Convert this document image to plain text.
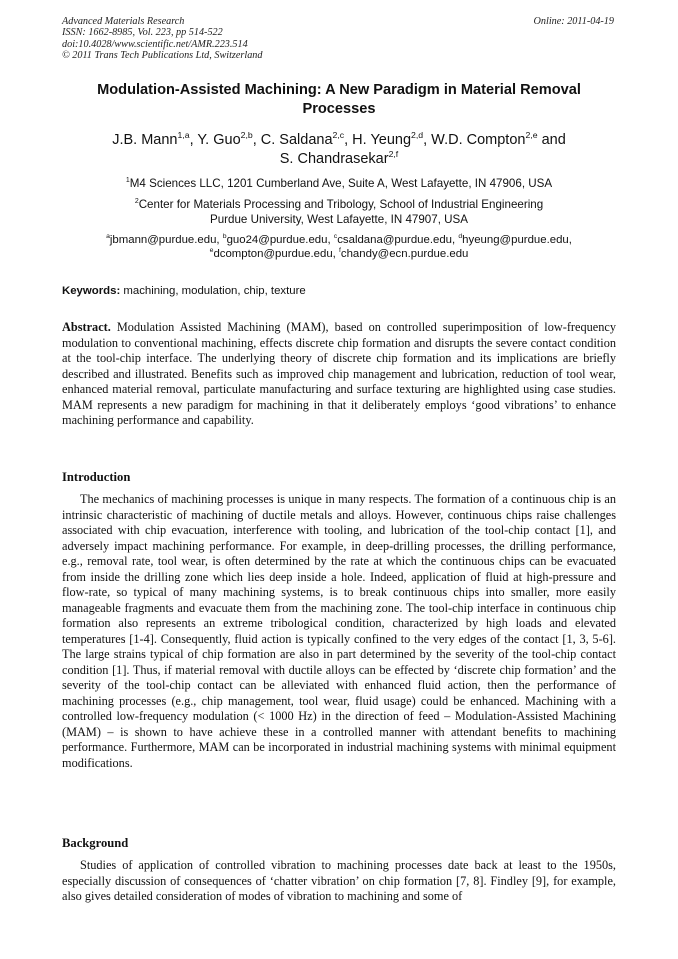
Advanced Materials Research
ISSN: 1662-8985, Vol. 223, pp 514-522
doi:10.4028/www.scientific.net/AMR.223.514
© 2011 Trans Tech Publications Ltd, Switzerland
Online: 2011-04-19
Modulation-Assisted Machining: A New Paradigm in Material Removal
Processes
J.B. Mann$^{1,a}$, Y. Guo$^{2,b}$, C. Saldana$^{2,c}$, H. Yeung$^{2,d}$, W.D. Compton$^{2,e}$ and
S. Chandrasekar$^{2,f}$
$^1$M4 Sciences LLC, 1201 Cumberland Ave, Suite A, West Lafayette, IN 47906, USA
$^2$Center for Materials Processing and Tribology, School of Industrial Engineering
Purdue University, West Lafayette, IN 47907, USA
$^a$jbmann@purdue.edu, $^b$guo24@purdue.edu, $^c$csaldana@purdue.edu, $^d$hyeung@purdue.edu,
$^e$dcompton@purdue.edu, $^f$chandy@ecn.purdue.edu
Keywords: machining, modulation, chip, texture

Abstract. Modulation Assisted Machining (MAM), based on controlled superimposition of low-frequency modulation to conventional machining, effects discrete chip formation and disrupts the severe contact condition at the tool-chip interface. The underlying theory of discrete chip formation and its implications are briefly described and illustrated. Benefits such as improved chip management and lubrication, reduction of tool wear, enhanced material removal, particulate manufacturing and surface texturing are highlighted using case studies. MAM represents a new paradigm for machining in that it deliberately employs ‘good vibrations’ to enhance machining performance and capability.

Introduction

The mechanics of machining processes is unique in many respects. The formation of a continuous chip is an intrinsic characteristic of machining of ductile metals and alloys. However, continuous chips raise challenges associated with chip evacuation, interference with tooling, and lubrication of the tool-chip contact [1], and adversely impact machining performance. For example, in deep-drilling processes, the drilling performance, e.g., removal rate, tool wear, is often determined by the rate at which the continuous chips can be evacuated from inside the drilling zone which lies deep inside a hole. Indeed, application of fluid at high-pressure and flow-rate, so typical of many machining systems, is to break continuous chips into smaller, more easily manageable fragments and evacuate them from the machining zone. The tool-chip interface in continuous chip formation also represents an extreme tribological condition, characterized by high loads and elevated temperatures [1-4]. Consequently, fluid action is typically confined to the very edges of the contact [1, 3, 5-6]. The large strains typical of chip formation are also in part determined by the severity of the tool-chip contact condition [1]. Thus, if material removal with ductile alloys can be effected by ‘discrete chip formation’ and the severity of the tool-chip contact can be alleviated with enhanced fluid action, then the performance of machining processes (e.g., chip management, tool wear, fluid usage) could be enhanced. Machining with a controlled low-frequency modulation (< 1000 Hz) in the direction of feed – Modulation-Assisted Machining (MAM) – is shown to have achieve these in a controlled manner with attendant benefits to machining performance. Furthermore, MAM can be incorporated in industrial machining systems with minimal equipment modifications.

Background

Studies of application of controlled vibration to machining processes date back at least to the 1950s, especially discussion of consequences of ‘chatter vibration’ on chip formation [7, 8]. Findley [9], for example, also gives detailed consideration of modes of vibration to machining and some of
